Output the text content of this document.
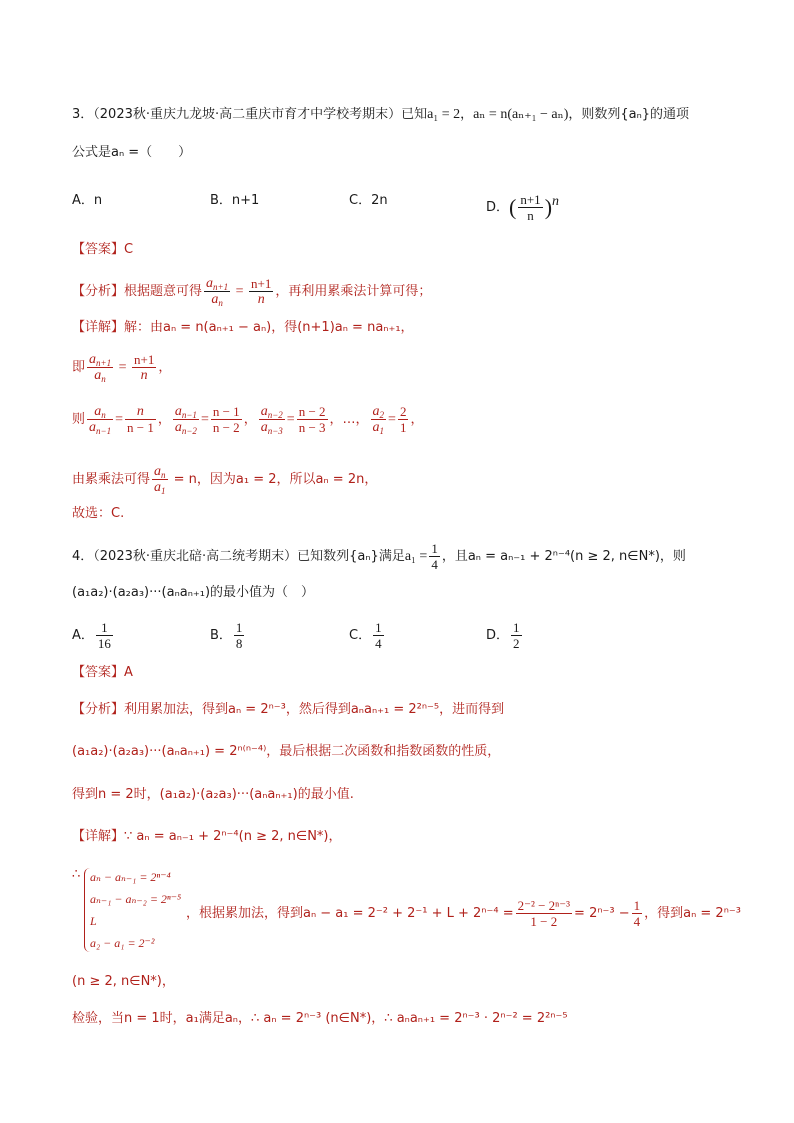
3．（2023秋·重庆九龙坡·高二重庆市育才中学校考期末）已知a₁ = 2，aₙ = n(aₙ₊₁ − aₙ)，则数列{aₙ}的通项
公式是aₙ =（　　）
A．n	B．n+1	C．2n	D．( $\frac{n+1}{n} )^n$
【答案】C
【分析】根据题意可得 $\frac{a_{n+1}}{a_n} = \frac{n+1}{n}$ ，再利用累乘法计算可得；
【详解】解：由aₙ = n(aₙ₊₁ − aₙ)，得(n+1)aₙ = naₙ₊₁，
即 $\frac{a_{n+1}}{a_n} = \frac{n+1}{n}$ ，
则 $\frac{a_n}{a_{n-1}} = \frac{n}{n - 1}$ ， $\frac{a_{n-1}}{a_{n-2}} = \frac{n - 1}{n - 2}$ ， $\frac{a_{n-2}}{a_{n-3}} = \frac{n - 2}{n - 3}$ ，…， $\frac{a_2}{a_1} = \frac{2}{1}$ ，
由累乘法可得 $\frac{a_n}{a_1} = n$，因为a₁ = 2，所以aₙ = 2n，
故选：C.
4．（2023秋·重庆北碚·高二统考期末）已知数列{aₙ}满足$a_1 = \frac{1}{4}$ ，且aₙ = aₙ₋₁ + 2ⁿ⁻⁴(n ≥ 2, n∈N*)，则
(a₁a₂)·(a₂a₃)···(aₙaₙ₊₁)的最小值为（　）
A． $\frac{1}{16}$	B． $\frac{1}{8}$	C． $\frac{1}{4}$	D． $\frac{1}{2}$
【答案】A
【分析】利用累加法，得到aₙ = 2ⁿ⁻³，然后得到aₙaₙ₊₁ = 2²ⁿ⁻⁵，进而得到
(a₁a₂)·(a₂a₃)···(aₙaₙ₊₁) = 2ⁿ⁽ⁿ⁻⁴⁾，最后根据二次函数和指数函数的性质，
得到n = 2时，(a₁a₂)·(a₂a₃)···(aₙaₙ₊₁)的最小值.
【详解】∵ aₙ = aₙ₋₁ + 2ⁿ⁻⁴(n ≥ 2, n∈N*)，
∴

aₙ − aₙ₋₁ = 2ⁿ⁻⁴
aₙ₋₁ − aₙ₋₂ = 2ⁿ⁻⁵
L
a₂ − a₁ = 2⁻²
，根据累加法，得到$a_n - a_1 = 2^{-2} + 2^{-1} + L + 2^{n-4} = \frac{\text{2⁻² − 2ⁿ⁻³}}{1 - 2} = 2^{n-3} - \frac{1}{4}$ ，得到aₙ = 2ⁿ⁻³
(n ≥ 2, n∈N*)，
检验，当n = 1时，a₁满足aₙ，∴ aₙ = 2ⁿ⁻³ (n∈N*)，∴ aₙaₙ₊₁ = 2ⁿ⁻³ · 2ⁿ⁻² = 2²ⁿ⁻⁵
